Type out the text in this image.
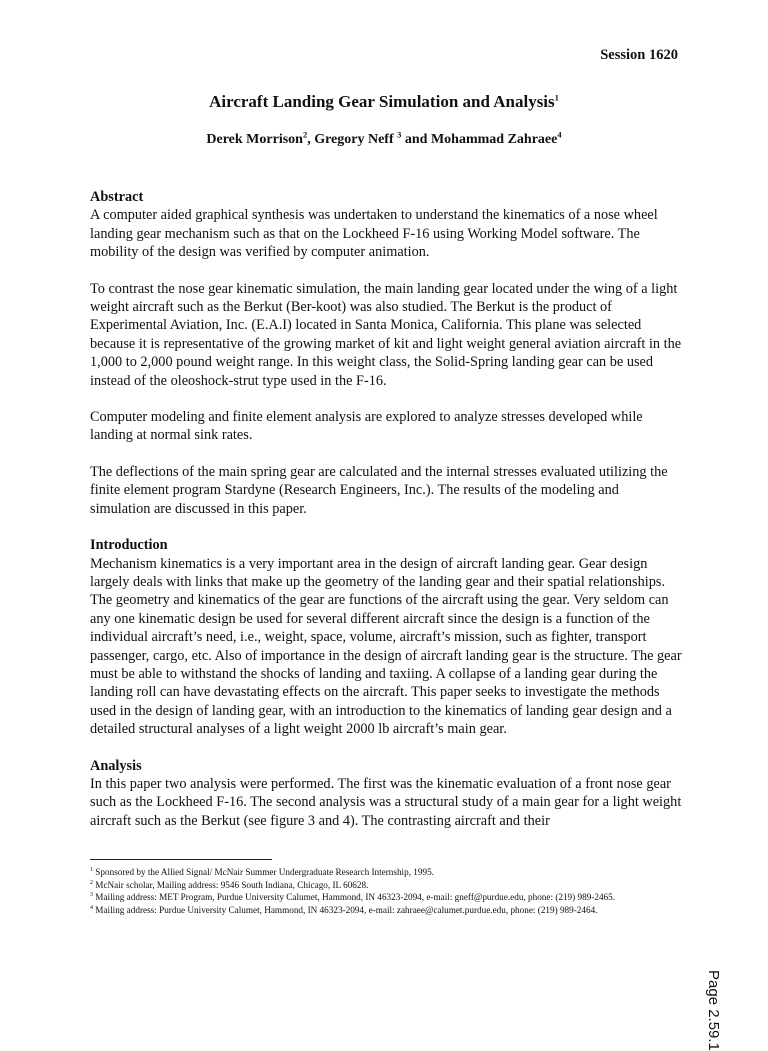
Session 1620
Aircraft Landing Gear Simulation and Analysis$^1$
Derek Morrison$^2$, Gregory Neff $^3$ and Mohammad Zahraee$^4$
Abstract

A computer aided graphical synthesis was undertaken to understand the kinematics of a nose wheel landing gear mechanism such as that on the Lockheed F-16 using Working Model software. The mobility of the design was verified by computer animation.

To contrast the nose gear kinematic simulation, the main landing gear located under the wing of a light weight aircraft such as the Berkut (Ber-koot) was also studied. The Berkut is the product of Experimental Aviation, Inc. (E.A.I) located in Santa Monica, California. This plane was selected because it is representative of the growing market of kit and light weight general aviation aircraft in the 1,000 to 2,000 pound weight range. In this weight class, the Solid-Spring landing gear can be used instead of the oleoshock-strut type used in the F-16.

Computer modeling and finite element analysis are explored to analyze stresses developed while landing at normal sink rates.

The deflections of the main spring gear are calculated and the internal stresses evaluated utilizing the finite element program Stardyne (Research Engineers, Inc.). The results of the modeling and simulation are discussed in this paper.

Introduction

Mechanism kinematics is a very important area in the design of aircraft landing gear. Gear design largely deals with links that make up the geometry of the landing gear and their spatial relationships. The geometry and kinematics of the gear are functions of the aircraft using the gear. Very seldom can any one kinematic design be used for several different aircraft since the design is a function of the individual aircraft’s need, i.e., weight, space, volume, aircraft’s mission, such as fighter, transport passenger, cargo, etc. Also of importance in the design of aircraft landing gear is the structure. The gear must be able to withstand the shocks of landing and taxiing. A collapse of a landing gear during the landing roll can have devastating effects on the aircraft. This paper seeks to investigate the methods used in the design of landing gear, with an introduction to the kinematics of landing gear design and a detailed structural analyses of a light weight 2000 lb aircraft’s main gear.

Analysis

In this paper two analysis were performed. The first was the kinematic evaluation of a front nose gear such as the Lockheed F-16. The second analysis was a structural study of a main gear for a light weight aircraft such as the Berkut (see figure 3 and 4). The contrasting aircraft and their

$^1$ Sponsored by the Allied Signal/ McNair Summer Undergraduate Research Internship, 1995.
$^2$ McNair scholar, Mailing address: 9546 South Indiana, Chicago, IL 60628.
$^3$ Mailing address: MET Program, Purdue University Calumet, Hammond, IN 46323-2094, e-mail: gneff@purdue.edu, phone: (219) 989-2465.
$^4$ Mailing address: Purdue University Calumet, Hammond, IN 46323-2094, e-mail: zahraee@calumet.purdue.edu, phone: (219) 989-2464.
Page 2.59.1
